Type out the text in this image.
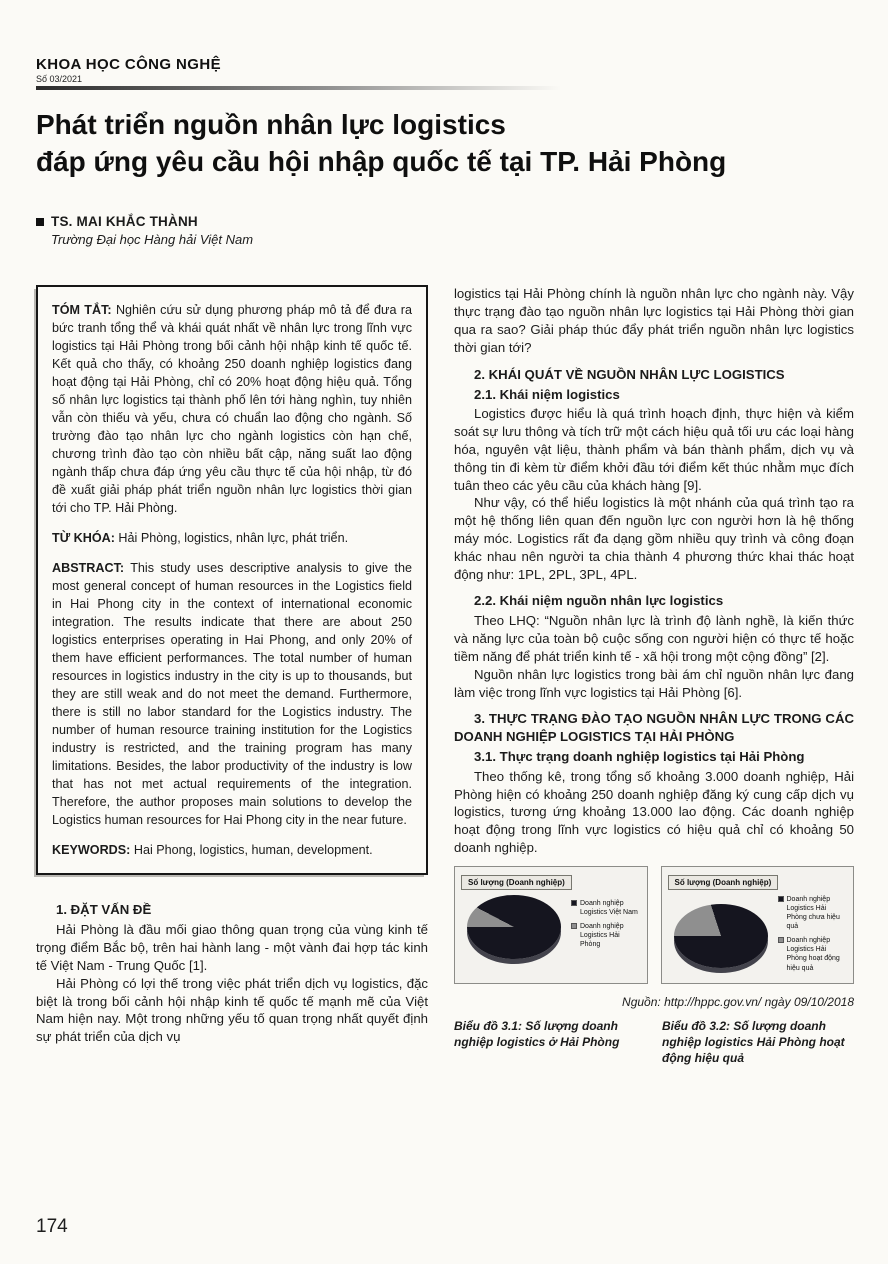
KHOA HỌC CÔNG NGHỆ
Số 03/2021
Phát triển nguồn nhân lực logistics
đáp ứng yêu cầu hội nhập quốc tế tại TP. Hải Phòng
TS. MAI KHẮC THÀNH
Trường Đại học Hàng hải Việt Nam

TÓM TẮT: Nghiên cứu sử dụng phương pháp mô tả để đưa ra bức tranh tổng thể và khái quát nhất về nhân lực trong lĩnh vực logistics tại Hải Phòng trong bối cảnh hội nhập kinh tế quốc tế. Kết quả cho thấy, có khoảng 250 doanh nghiệp logistics đang hoạt động tại Hải Phòng, chỉ có 20% hoạt động hiệu quả. Tổng số nhân lực logistics tại thành phố lên tới hàng nghìn, tuy nhiên vẫn còn thiếu và yếu, chưa có chuẩn lao động cho ngành. Số trường đào tạo nhân lực cho ngành logistics còn hạn chế, chương trình đào tạo còn nhiều bất cập, năng suất lao động ngành thấp chưa đáp ứng yêu cầu thực tế của hội nhập, từ đó đề xuất giải pháp phát triển nguồn nhân lực logistics thời gian tới cho TP. Hải Phòng.

TỪ KHÓA: Hải Phòng, logistics, nhân lực, phát triển.

ABSTRACT: This study uses descriptive analysis to give the most general concept of human resources in the Logistics field in Hai Phong city in the context of international economic integration. The results indicate that there are about 250 logistics enterprises operating in Hai Phong, and only 20% of them have efficient performances. The total number of human resources in logistics industry in the city is up to thousands, but they are still weak and do not meet the demand. Furthermore, there is still no labor standard for the Logistics industry. The number of human resource training institution for the Logistics industry is restricted, and the training program has many limitations. Besides, the labor productivity of the industry is low that has not met actual requirements of the integration. Therefore, the author proposes main solutions to develop the Logistics human resources for Hai Phong city in the near future.

KEYWORDS: Hai Phong, logistics, human, development.

1. ĐẶT VẤN ĐỀ

Hải Phòng là đầu mối giao thông quan trọng của vùng kinh tế trọng điểm Bắc bộ, trên hai hành lang - một vành đai hợp tác kinh tế Việt Nam - Trung Quốc [1].

Hải Phòng có lợi thế trong việc phát triển dịch vụ logistics, đặc biệt là trong bối cảnh hội nhập kinh tế quốc tế mạnh mẽ của Việt Nam hiện nay. Một trong những yếu tố quan trọng nhất quyết định sự phát triển của dịch vụ

logistics tại Hải Phòng chính là nguồn nhân lực cho ngành này. Vậy thực trạng đào tạo nguồn nhân lực logistics tại Hải Phòng thời gian qua ra sao? Giải pháp thúc đẩy phát triển nguồn nhân lực logistics thời gian tới?

2. KHÁI QUÁT VỀ NGUỒN NHÂN LỰC LOGISTICS
2.1. Khái niệm logistics

Logistics được hiểu là quá trình hoạch định, thực hiện và kiểm soát sự lưu thông và tích trữ một cách hiệu quả tối ưu các loại hàng hóa, nguyên vật liệu, thành phẩm và bán thành phẩm, dịch vụ và thông tin đi kèm từ điểm khởi đầu tới điểm kết thúc nhằm mục đích tuân theo các yêu cầu của khách hàng [9].

Như vậy, có thể hiểu logistics là một nhánh của quá trình tạo ra một hệ thống liên quan đến nguồn lực con người hơn là hệ thống máy móc. Logistics rất đa dạng gồm nhiều quy trình và công đoạn khác nhau nên người ta chia thành 4 phương thức khai thác hoạt động như: 1PL, 2PL, 3PL, 4PL.

2.2. Khái niệm nguồn nhân lực logistics

Theo LHQ: “Nguồn nhân lực là trình độ lành nghề, là kiến thức và năng lực của toàn bộ cuộc sống con người hiện có thực tế hoặc tiềm năng để phát triển kinh tế - xã hội trong một cộng đồng” [2].

Nguồn nhân lực logistics trong bài ám chỉ nguồn nhân lực đang làm việc trong lĩnh vực logistics tại Hải Phòng [6].

3. THỰC TRẠNG ĐÀO TẠO NGUỒN NHÂN LỰC TRONG CÁC DOANH NGHIỆP LOGISTICS TẠI HẢI PHÒNG
3.1. Thực trạng doanh nghiệp logistics tại Hải Phòng

Theo thống kê, trong tổng số khoảng 3.000 doanh nghiệp, Hải Phòng hiện có khoảng 250 doanh nghiệp đăng ký cung cấp dịch vụ logistics, tương ứng khoảng 13.000 lao động. Các doanh nghiệp hoạt động trong lĩnh vực logistics có hiệu quả chỉ có khoảng 50 doanh nghiệp.

Số lượng (Doanh nghiệp)
Doanh nghiệp Logistics Việt Nam
Doanh nghiệp Logistics Hải Phòng
Số lượng (Doanh nghiệp)
Doanh nghiệp Logistics Hải Phòng chưa hiệu quả
Doanh nghiệp Logistics Hải Phòng hoạt động hiệu quả
Nguồn: http://hppc.gov.vn/ ngày 09/10/2018
Biểu đồ 3.1: Số lượng doanh nghiệp logistics ở Hải Phòng
Biểu đồ 3.2: Số lượng doanh nghiệp logistics Hải Phòng hoạt động hiệu quả
174
